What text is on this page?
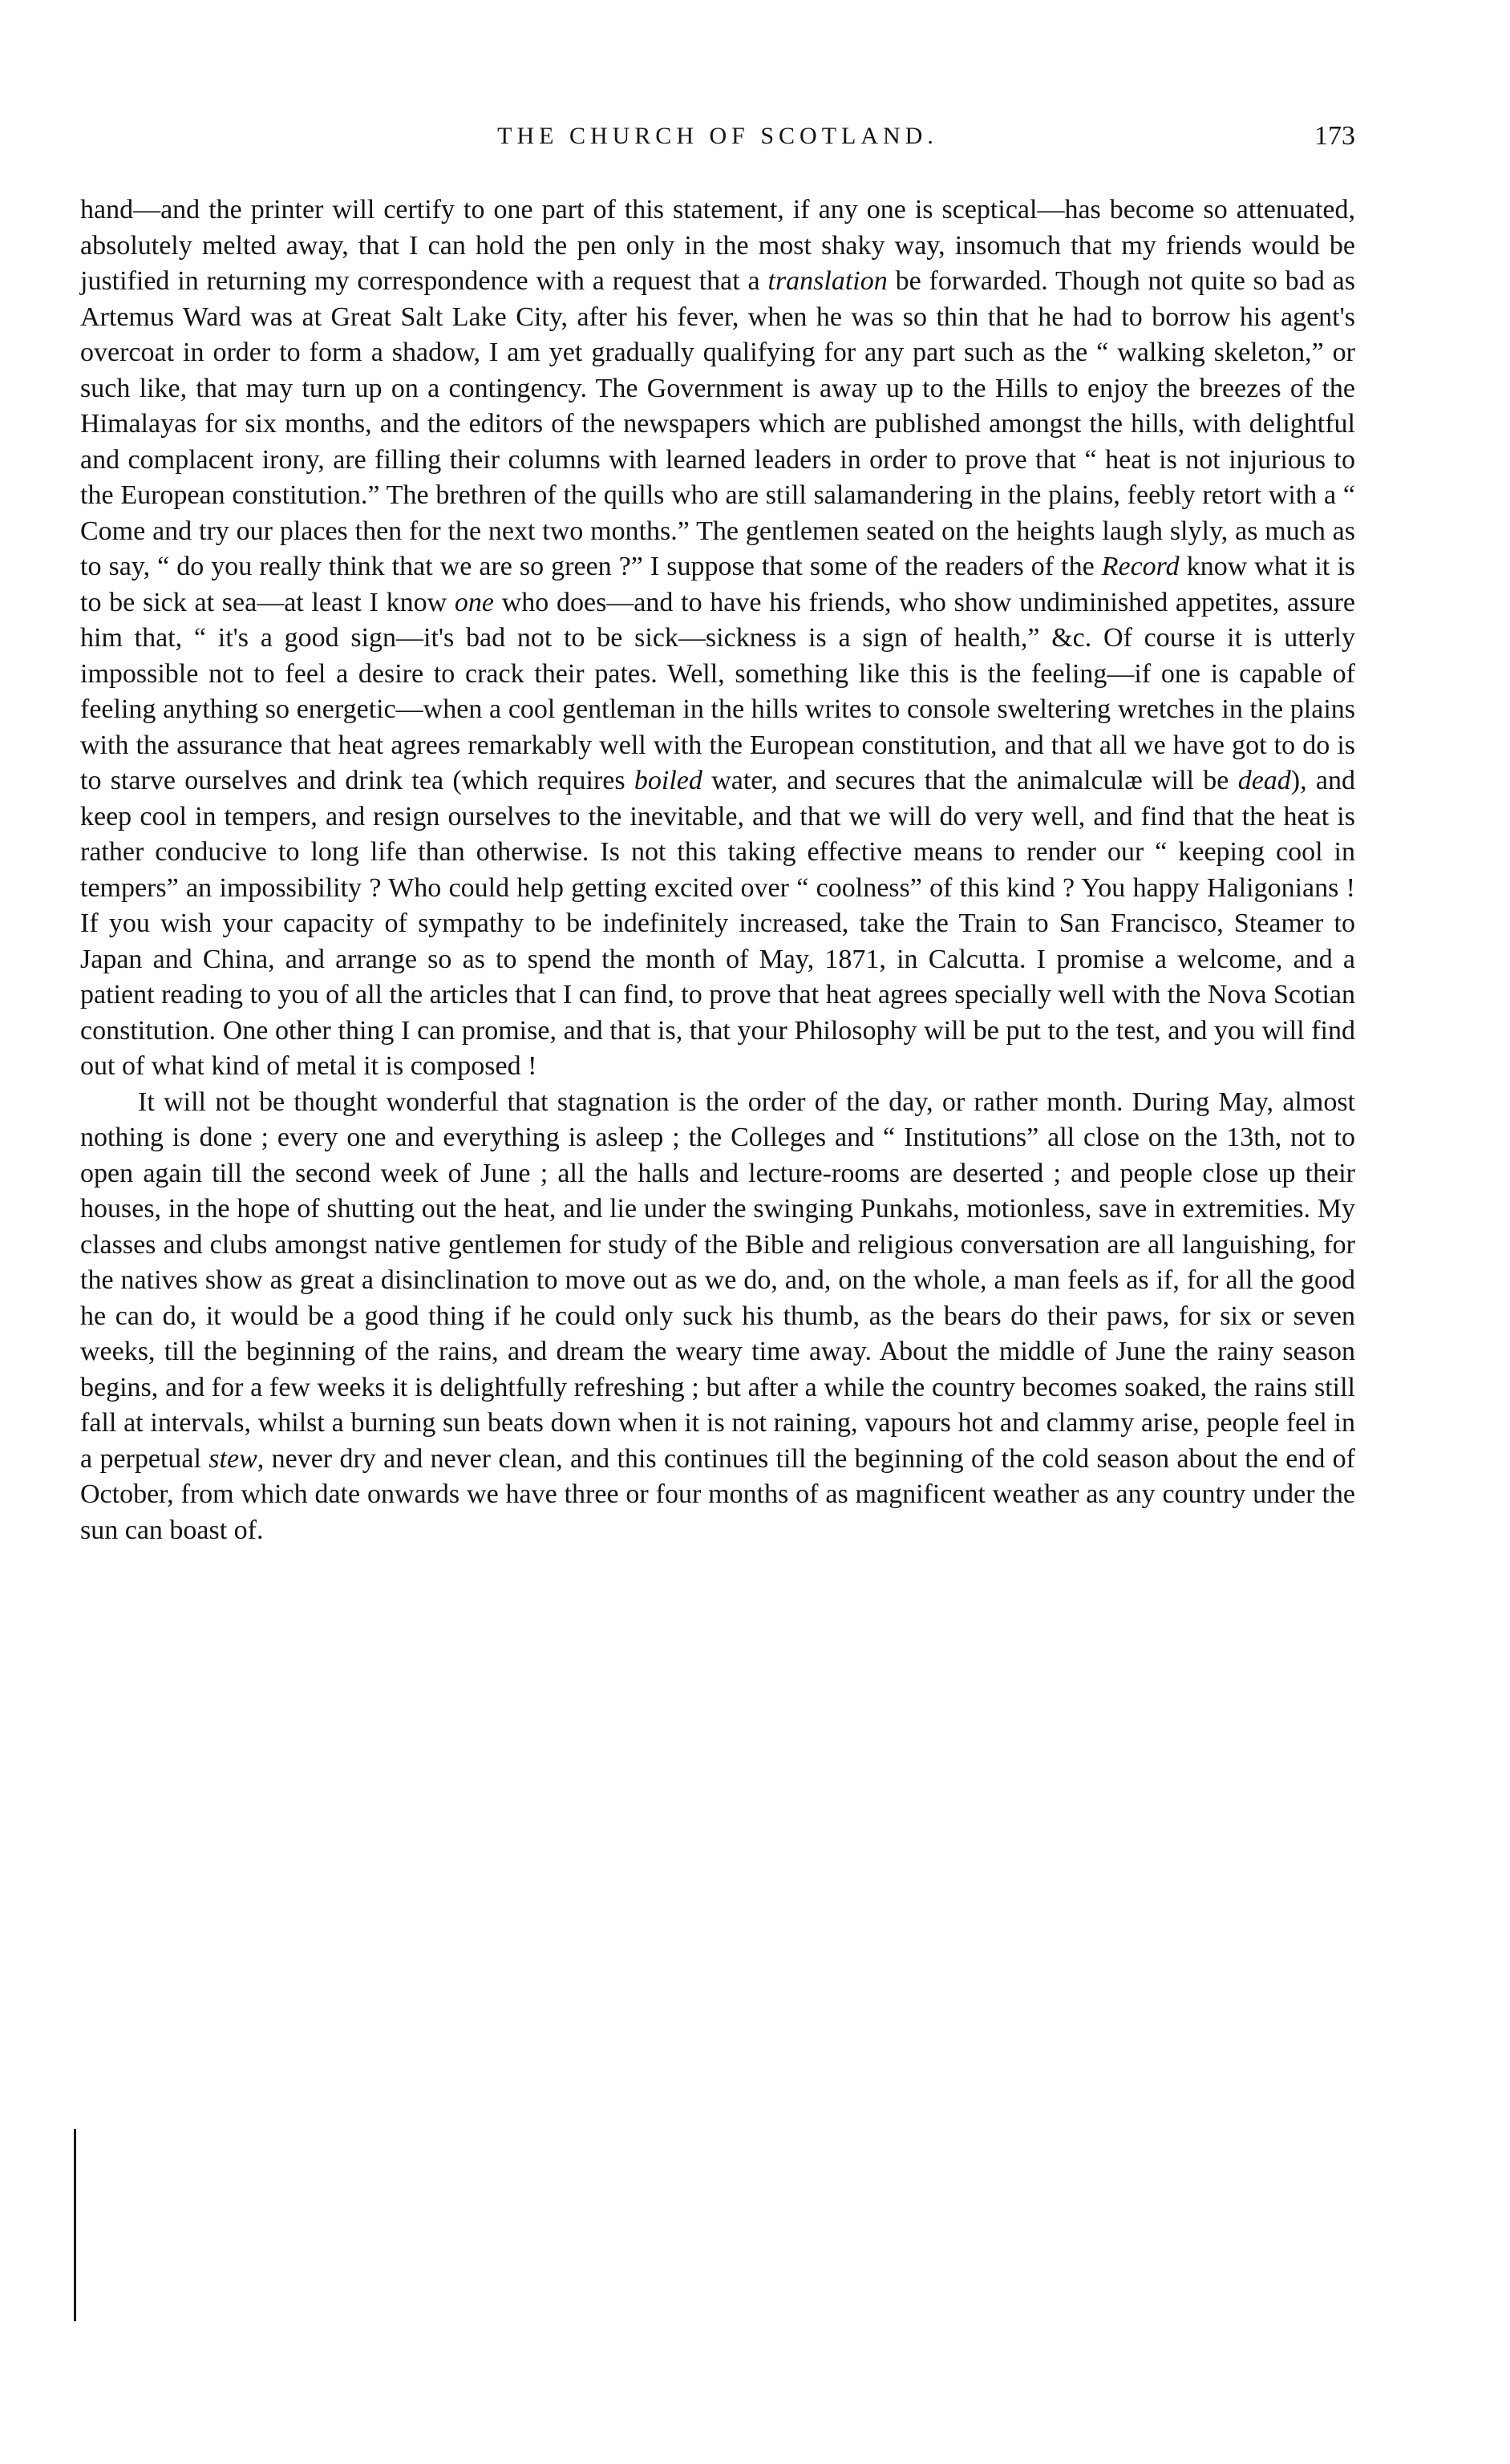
THE CHURCH OF SCOTLAND.	173

hand—and the printer will certify to one part of this statement, if any one is sceptical—has become so attenuated, absolutely melted away, that I can hold the pen only in the most shaky way, insomuch that my friends would be justified in returning my correspondence with a request that a translation be forwarded. Though not quite so bad as Artemus Ward was at Great Salt Lake City, after his fever, when he was so thin that he had to borrow his agent's overcoat in order to form a shadow, I am yet gradually qualifying for any part such as the “ walking skeleton,” or such like, that may turn up on a contingency. The Government is away up to the Hills to enjoy the breezes of the Himalayas for six months, and the editors of the newspapers which are published amongst the hills, with delightful and complacent irony, are filling their columns with learned leaders in order to prove that “ heat is not injurious to the European constitution.” The brethren of the quills who are still salamandering in the plains, feebly retort with a “ Come and try our places then for the next two months.” The gentlemen seated on the heights laugh slyly, as much as to say, “ do you really think that we are so green ?” I suppose that some of the readers of the Record know what it is to be sick at sea—at least I know one who does—and to have his friends, who show undiminished appetites, assure him that, “ it's a good sign—it's bad not to be sick—sickness is a sign of health,” &c. Of course it is utterly impossible not to feel a desire to crack their pates. Well, something like this is the feeling—if one is capable of feeling anything so energetic—when a cool gentleman in the hills writes to console sweltering wretches in the plains with the assurance that heat agrees remarkably well with the European constitution, and that all we have got to do is to starve ourselves and drink tea (which requires boiled water, and secures that the animalculæ will be dead), and keep cool in tempers, and resign ourselves to the inevitable, and that we will do very well, and find that the heat is rather conducive to long life than otherwise. Is not this taking effective means to render our “ keeping cool in tempers” an impossibility ? Who could help getting excited over “ coolness” of this kind ? You happy Haligonians ! If you wish your capacity of sympathy to be indefinitely increased, take the Train to San Francisco, Steamer to Japan and China, and arrange so as to spend the month of May, 1871, in Calcutta. I promise a welcome, and a patient reading to you of all the articles that I can find, to prove that heat agrees specially well with the Nova Scotian constitution. One other thing I can promise, and that is, that your Philosophy will be put to the test, and you will find out of what kind of metal it is composed !

It will not be thought wonderful that stagnation is the order of the day, or rather month. During May, almost nothing is done ; every one and everything is asleep ; the Colleges and “ Institutions” all close on the 13th, not to open again till the second week of June ; all the halls and lecture-rooms are deserted ; and people close up their houses, in the hope of shutting out the heat, and lie under the swinging Punkahs, motionless, save in extremities. My classes and clubs amongst native gentlemen for study of the Bible and religious conversation are all languishing, for the natives show as great a disinclination to move out as we do, and, on the whole, a man feels as if, for all the good he can do, it would be a good thing if he could only suck his thumb, as the bears do their paws, for six or seven weeks, till the beginning of the rains, and dream the weary time away. About the middle of June the rainy season begins, and for a few weeks it is delightfully refreshing ; but after a while the country becomes soaked, the rains still fall at intervals, whilst a burning sun beats down when it is not raining, vapours hot and clammy arise, people feel in a perpetual stew, never dry and never clean, and this continues till the beginning of the cold season about the end of October, from which date onwards we have three or four months of as magnificent weather as any country under the sun can boast of.
